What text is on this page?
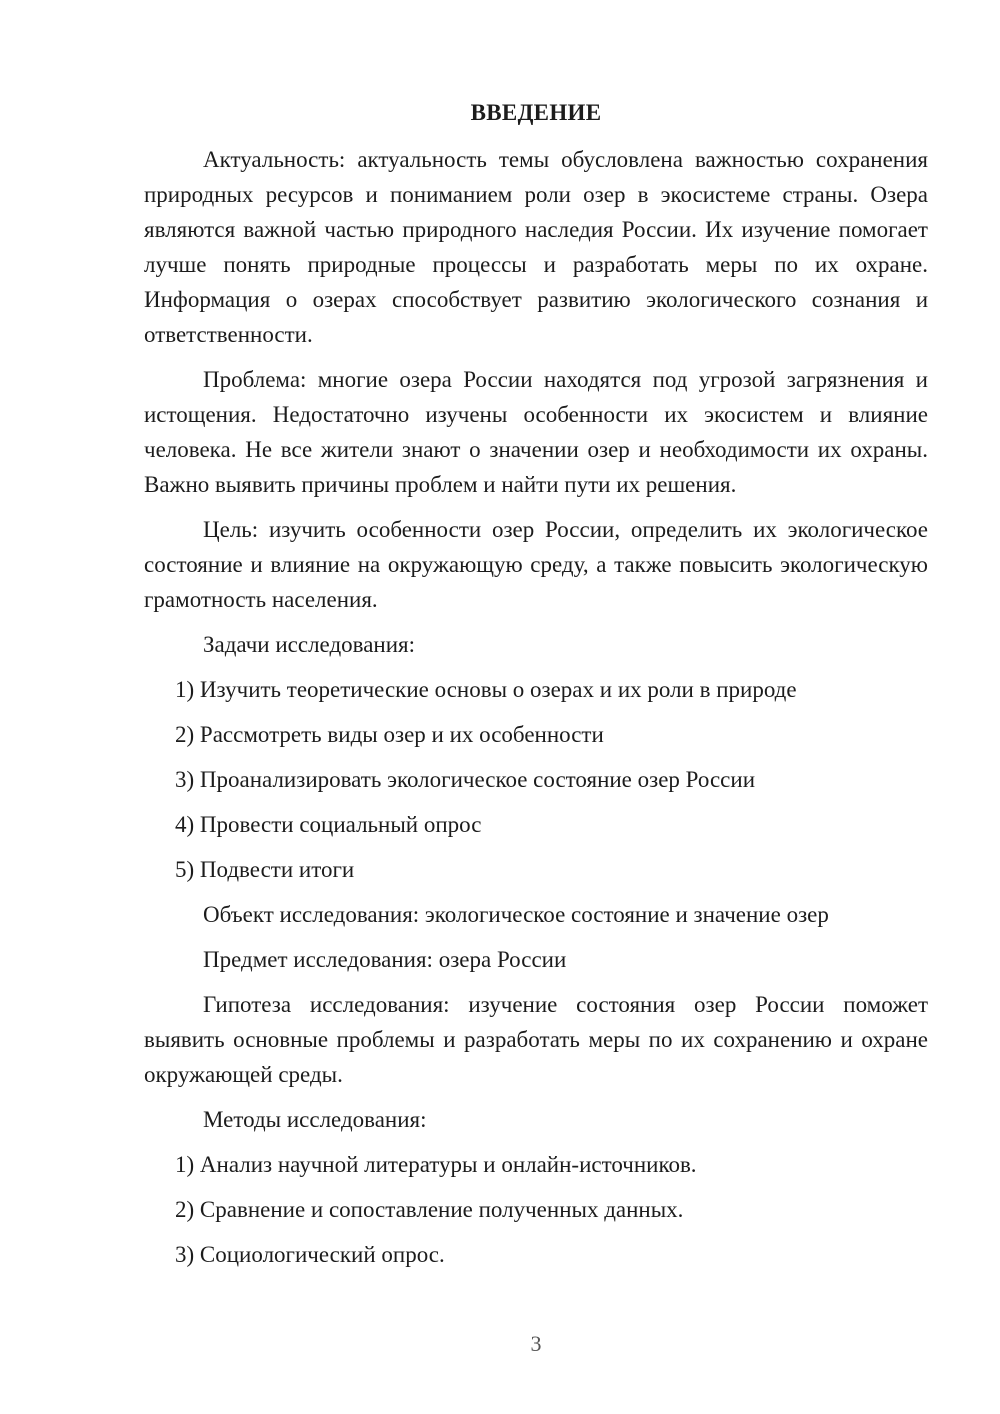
ВВЕДЕНИЕ

Актуальность: актуальность темы обусловлена важностью сохранения природных ресурсов и пониманием роли озер в экосистеме страны. Озера являются важной частью природного наследия России. Их изучение помогает лучше понять природные процессы и разработать меры по их охране. Информация о озерах способствует развитию экологического сознания и ответственности.

Проблема: многие озера России находятся под угрозой загрязнения и истощения. Недостаточно изучены особенности их экосистем и влияние человека. Не все жители знают о значении озер и необходимости их охраны. Важно выявить причины проблем и найти пути их решения.

Цель: изучить особенности озер России, определить их экологическое состояние и влияние на окружающую среду, а также повысить экологическую грамотность населения.

Задачи исследования:

1) Изучить теоретические основы о озерах и их роли в природе
2) Рассмотреть виды озер и их особенности
3) Проанализировать экологическое состояние озер России
4) Провести социальный опрос
5) Подвести итоги

Объект исследования: экологическое состояние и значение озер

Предмет исследования: озера России

Гипотеза исследования: изучение состояния озер России поможет выявить основные проблемы и разработать меры по их сохранению и охране окружающей среды.

Методы исследования:

1) Анализ научной литературы и онлайн-источников.
2) Сравнение и сопоставление полученных данных.
3) Социологический опрос.
3
